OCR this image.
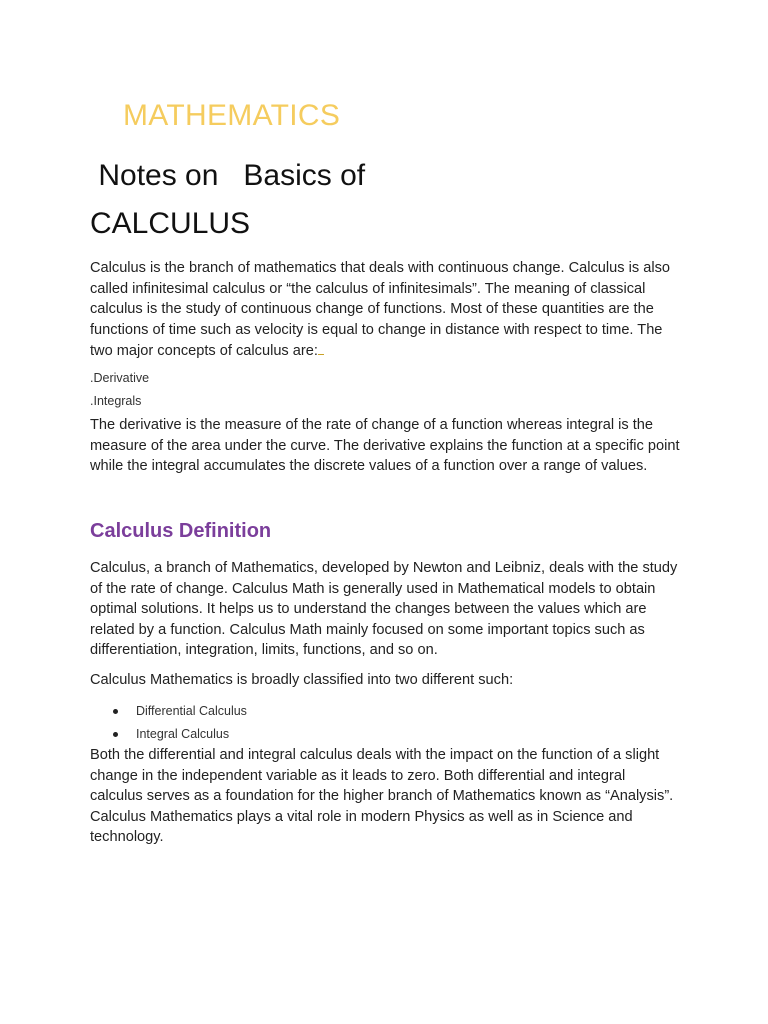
MATHEMATICS
Notes on   Basics of CALCULUS

Calculus is the branch of mathematics that deals with continuous change. Calculus is also called infinitesimal calculus or “the calculus of infinitesimals”. The meaning of classical calculus is the study of continuous change of functions. Most of these quantities are the functions of time such as velocity is equal to change in distance with respect to time. The two major concepts of calculus are:

.Derivative

.Integrals

The derivative is the measure of the rate of change of a function whereas integral is the measure of the area under the curve. The derivative explains the function at a specific point while the integral accumulates the discrete values of a function over a range of values.

Calculus Definition

Calculus, a branch of Mathematics, developed by Newton and Leibniz, deals with the study of the rate of change. Calculus Math is generally used in Mathematical models to obtain optimal solutions. It helps us to understand the changes between the values which are related by a function. Calculus Math mainly focused on some important topics such as differentiation, integration, limits, functions, and so on.

Calculus Mathematics is broadly classified into two different such:

Differential Calculus
Integral Calculus

Both the differential and integral calculus deals with the impact on the function of a slight change in the independent variable as it leads to zero. Both differential and integral calculus serves as a foundation for the higher branch of Mathematics known as “Analysis”. Calculus Mathematics plays a vital role in modern Physics as well as in Science and technology.
